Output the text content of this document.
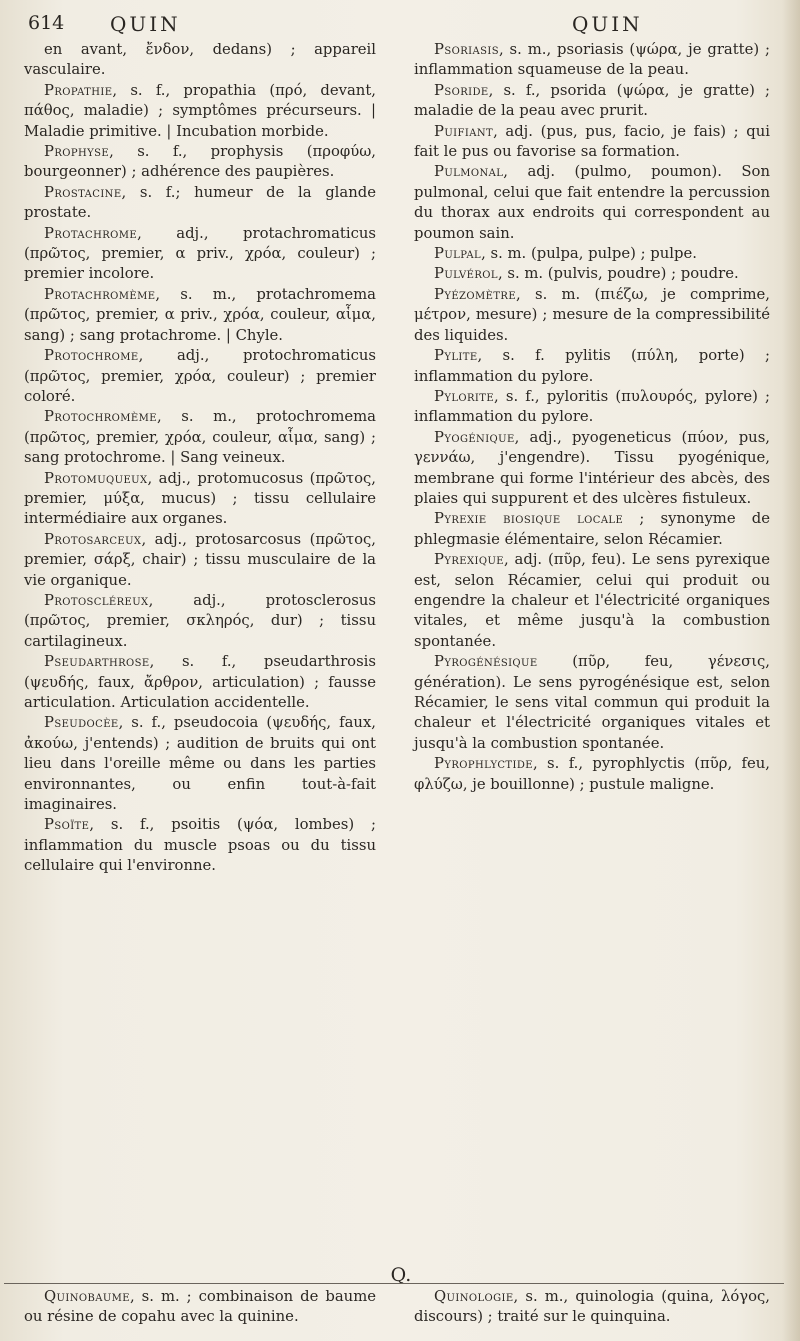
614 QUIN	QUIN

en avant, ἔνδον, dedans) ; appareil vasculaire.

Propathie, s. f., propathia (πρό, devant, πάθος, maladie) ; symptômes précurseurs. | Maladie primitive. | Incubation morbide.

Prophyse, s. f., prophysis (προφύω, bourgeonner) ; adhérence des paupières.

Prostacine, s. f.; humeur de la glande prostate.

Protachrome, adj., protachromaticus (πρῶτος, premier, α priv., χρόα, couleur) ; premier incolore.

Protachromème, s. m., protachromema (πρῶτος, premier, α priv., χρόα, couleur, αἷμα, sang) ; sang protachrome. | Chyle.

Protochrome, adj., protochromaticus (πρῶτος, premier, χρόα, couleur) ; premier coloré.

Protochromème, s. m., protochromema (πρῶτος, premier, χρόα, couleur, αἷμα, sang) ; sang protochrome. | Sang veineux.

Protomuqueux, adj., protomucosus (πρῶτος, premier, μύξα, mucus) ; tissu cellulaire intermédiaire aux organes.

Protosarceux, adj., protosarcosus (πρῶτος, premier, σάρξ, chair) ; tissu musculaire de la vie organique.

Protoscléreux, adj., protosclerosus (πρῶτος, premier, σκληρός, dur) ; tissu cartilagineux.

Pseudarthrose, s. f., pseudarthrosis (ψευδής, faux, ἄρθρον, articulation) ; fausse articulation. Articulation accidentelle.

Pseudocèe, s. f., pseudocoia (ψευδής, faux, ἀκούω, j'entends) ; audition de bruits qui ont lieu dans l'oreille même ou dans les parties environnantes, ou enfin tout-à-fait imaginaires.

Psoïte, s. f., psoitis (ψόα, lombes) ; inflammation du muscle psoas ou du tissu cellulaire qui l'environne.

Psoriasis, s. m., psoriasis (ψώρα, je gratte) ; inflammation squameuse de la peau.

Psoride, s. f., psorida (ψώρα, je gratte) ; maladie de la peau avec prurit.

Puifiant, adj. (pus, pus, facio, je fais) ; qui fait le pus ou favorise sa formation.

Pulmonal, adj. (pulmo, poumon). Son pulmonal, celui que fait entendre la percussion du thorax aux endroits qui correspondent au poumon sain.

Pulpal, s. m. (pulpa, pulpe) ; pulpe.

Pulvérol, s. m. (pulvis, poudre) ; poudre.

Pyézomètre, s. m. (πιέζω, je comprime, μέτρον, mesure) ; mesure de la compressibilité des liquides.

Pylite, s. f. pylitis (πύλη, porte) ; inflammation du pylore.

Pylorite, s. f., pyloritis (πυλουρός, pylore) ; inflammation du pylore.

Pyogénique, adj., pyogeneticus (πύον, pus, γεννάω, j'engendre). Tissu pyogénique, membrane qui forme l'intérieur des abcès, des plaies qui suppurent et des ulcères fistuleux.

Pyrexie biosique locale ; synonyme de phlegmasie élémentaire, selon Récamier.

Pyrexique, adj. (πῦρ, feu). Le sens pyrexique est, selon Récamier, celui qui produit ou engendre la chaleur et l'électricité organiques vitales, et même jusqu'à la combustion spontanée.

Pyrogénésique (πῦρ, feu, γένεσις, génération). Le sens pyrogénésique est, selon Récamier, le sens vital commun qui produit la chaleur et l'électricité organiques vitales et jusqu'à la combustion spontanée.

Pyrophlyctide, s. f., pyrophlyctis (πῦρ, feu, φλύζω, je bouillonne) ; pustule maligne.

Q.

Quinobaume, s. m. ; combinaison de baume ou résine de copahu avec la quinine.

Quinologie, s. m., quinologia (quina, λόγος, discours) ; traité sur le quinquina.
